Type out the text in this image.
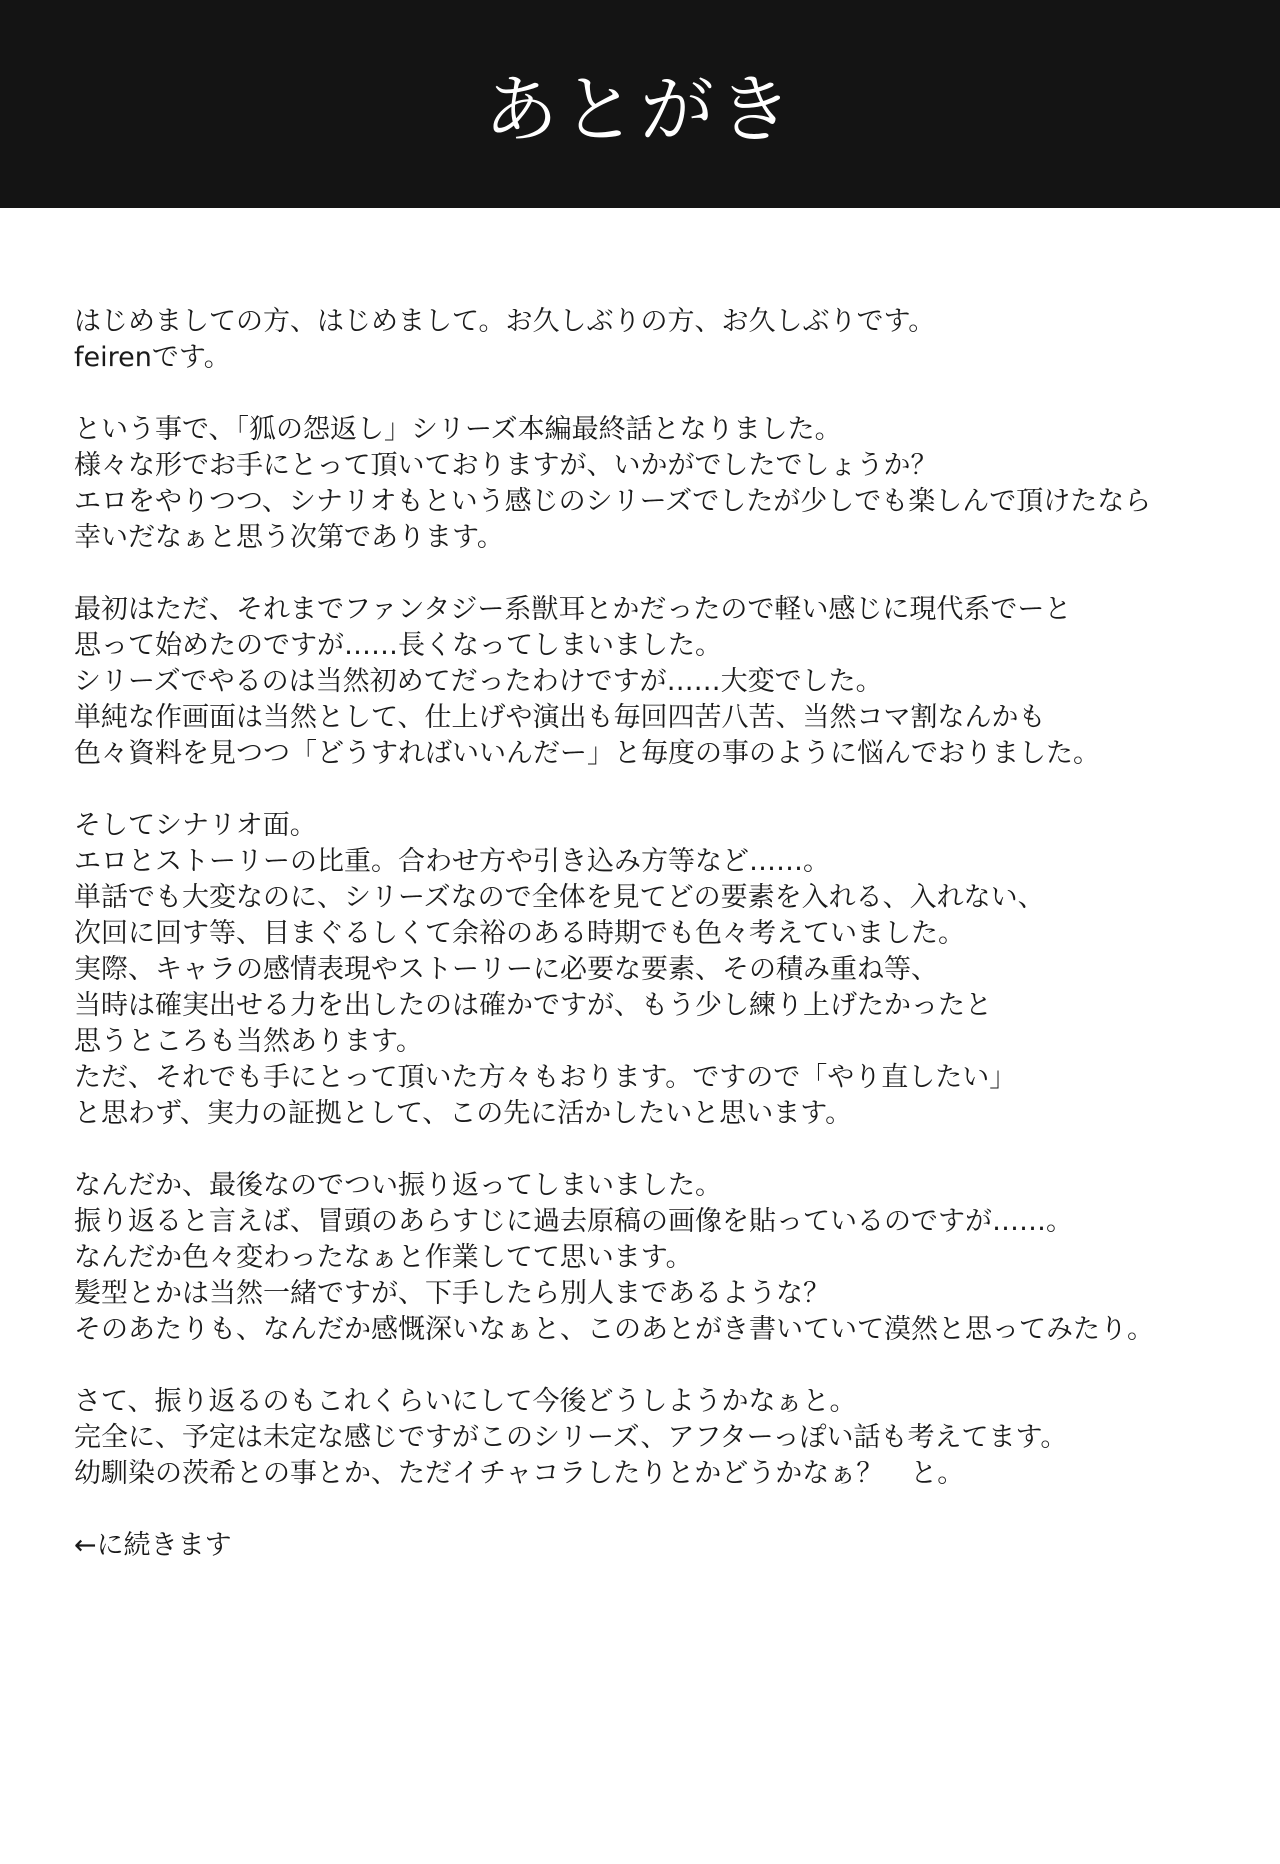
あとがき
はじめましての方、はじめまして。お久しぶりの方、お久しぶりです。
feirenです。
という事で、「狐の怨返し」シリーズ本編最終話となりました。
様々な形でお手にとって頂いておりますが、いかがでしたでしょうか？
エロをやりつつ、シナリオもという感じのシリーズでしたが少しでも楽しんで頂けたなら
幸いだなぁと思う次第であります。
最初はただ、それまでファンタジー系獣耳とかだったので軽い感じに現代系でーと
思って始めたのですが……長くなってしまいました。
シリーズでやるのは当然初めてだったわけですが……大変でした。
単純な作画面は当然として、仕上げや演出も毎回四苦八苦、当然コマ割なんかも
色々資料を見つつ「どうすればいいんだー」と毎度の事のように悩んでおりました。
そしてシナリオ面。
エロとストーリーの比重。合わせ方や引き込み方等など……。
単話でも大変なのに、シリーズなので全体を見てどの要素を入れる、入れない、
次回に回す等、目まぐるしくて余裕のある時期でも色々考えていました。
実際、キャラの感情表現やストーリーに必要な要素、その積み重ね等、
当時は確実出せる力を出したのは確かですが、もう少し練り上げたかったと
思うところも当然あります。
ただ、それでも手にとって頂いた方々もおります。ですので「やり直したい」
と思わず、実力の証拠として、この先に活かしたいと思います。
なんだか、最後なのでつい振り返ってしまいました。
振り返ると言えば、冒頭のあらすじに過去原稿の画像を貼っているのですが……。
なんだか色々変わったなぁと作業してて思います。
髪型とかは当然一緒ですが、下手したら別人まであるような？
そのあたりも、なんだか感慨深いなぁと、このあとがき書いていて漠然と思ってみたり。
さて、振り返るのもこれくらいにして今後どうしようかなぁと。
完全に、予定は未定な感じですがこのシリーズ、アフターっぽい話も考えてます。
幼馴染の茨希との事とか、ただイチャコラしたりとかどうかなぁ？　と。
←に続きます
